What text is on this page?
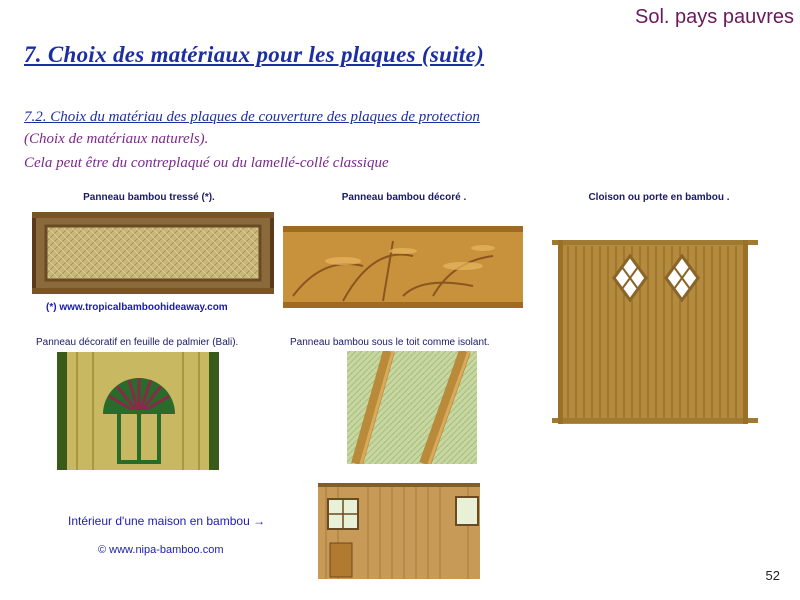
Sol. pays pauvres
7. Choix des matériaux pour les plaques (suite)
7.2. Choix du matériau des plaques de couverture des plaques de protection
(Choix de matériaux naturels).
Cela peut être du contreplaqué ou du lamellé-collé classique
Panneau bambou tressé (*).	Panneau bambou décoré .	Cloison ou porte en bambou .
(*) www.tropicalbamboohideaway.com
Panneau décoratif en feuille de palmier (Bali).	Panneau bambou sous le toit comme isolant.
Intérieur d'une maison en bambou →
© www.nipa-bamboo.com
52
